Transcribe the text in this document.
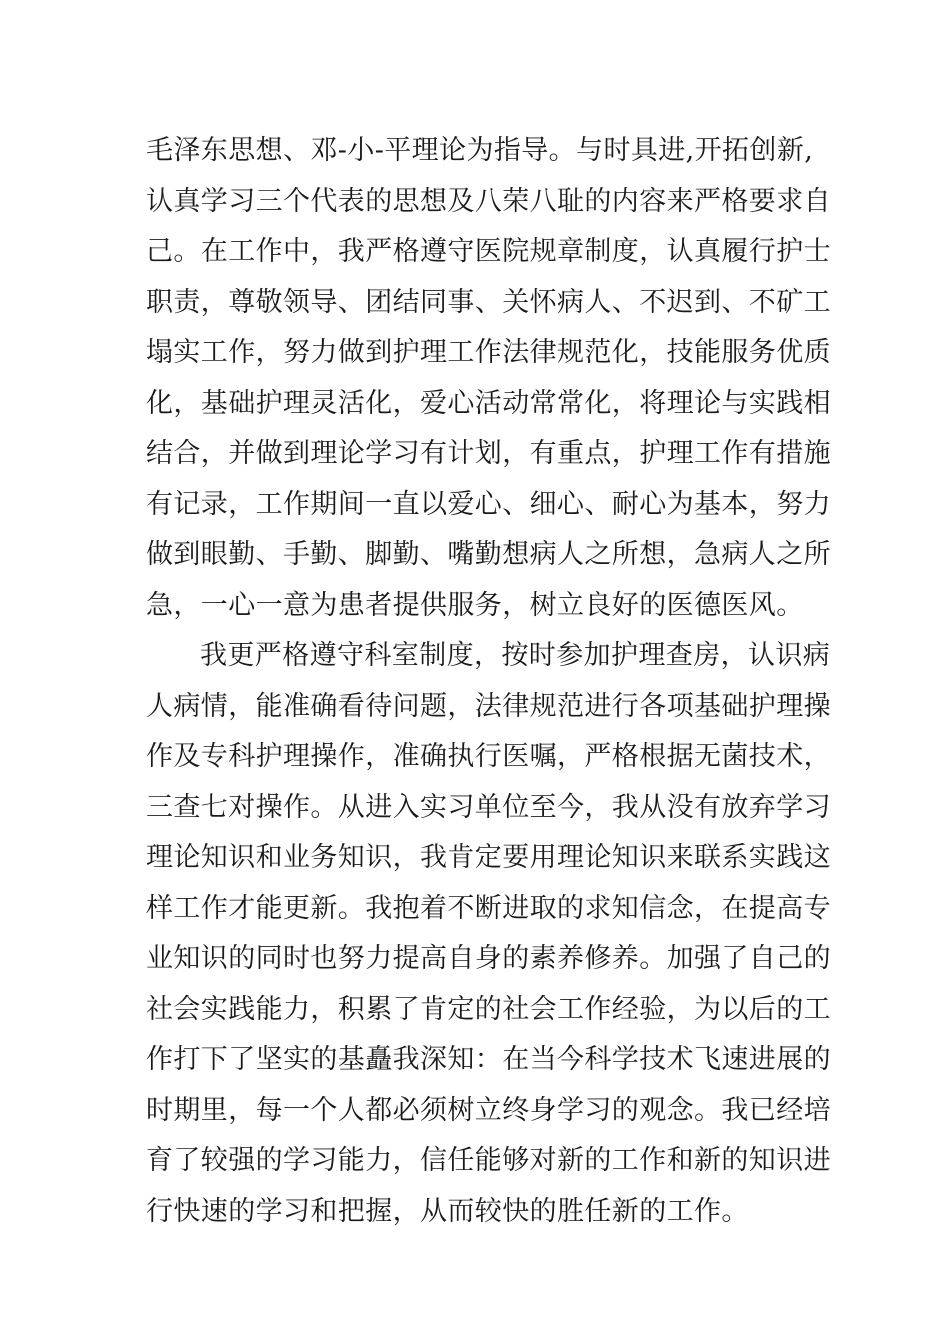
毛泽东思想、邓-小-平理论为指导。与时具进,开拓创新,
认真学习三个代表的思想及八荣八耻的内容来严格要求自
己。在工作中，我严格遵守医院规章制度，认真履行护士
职责，尊敬领导、团结同事、关怀病人、不迟到、不矿工
塌实工作，努力做到护理工作法律规范化，技能服务优质
化，基础护理灵活化，爱心活动常常化，将理论与实践相
结合，并做到理论学习有计划，有重点，护理工作有措施
有记录，工作期间一直以爱心、细心、耐心为基本，努力
做到眼勤、手勤、脚勤、嘴勤想病人之所想，急病人之所
急，一心一意为患者提供服务，树立良好的医德医风。
我更严格遵守科室制度，按时参加护理查房，认识病
人病情，能准确看待问题，法律规范进行各项基础护理操
作及专科护理操作，准确执行医嘱，严格根据无菌技术，
三查七对操作。从进入实习单位至今，我从没有放弃学习
理论知识和业务知识，我肯定要用理论知识来联系实践这
样工作才能更新。我抱着不断进取的求知信念，在提高专
业知识的同时也努力提高自身的素养修养。加强了自己的
社会实践能力，积累了肯定的社会工作经验，为以后的工
作打下了坚实的基矗我深知：在当今科学技术飞速进展的
时期里，每一个人都必须树立终身学习的观念。我已经培
育了较强的学习能力，信任能够对新的工作和新的知识进
行快速的学习和把握，从而较快的胜任新的工作。
